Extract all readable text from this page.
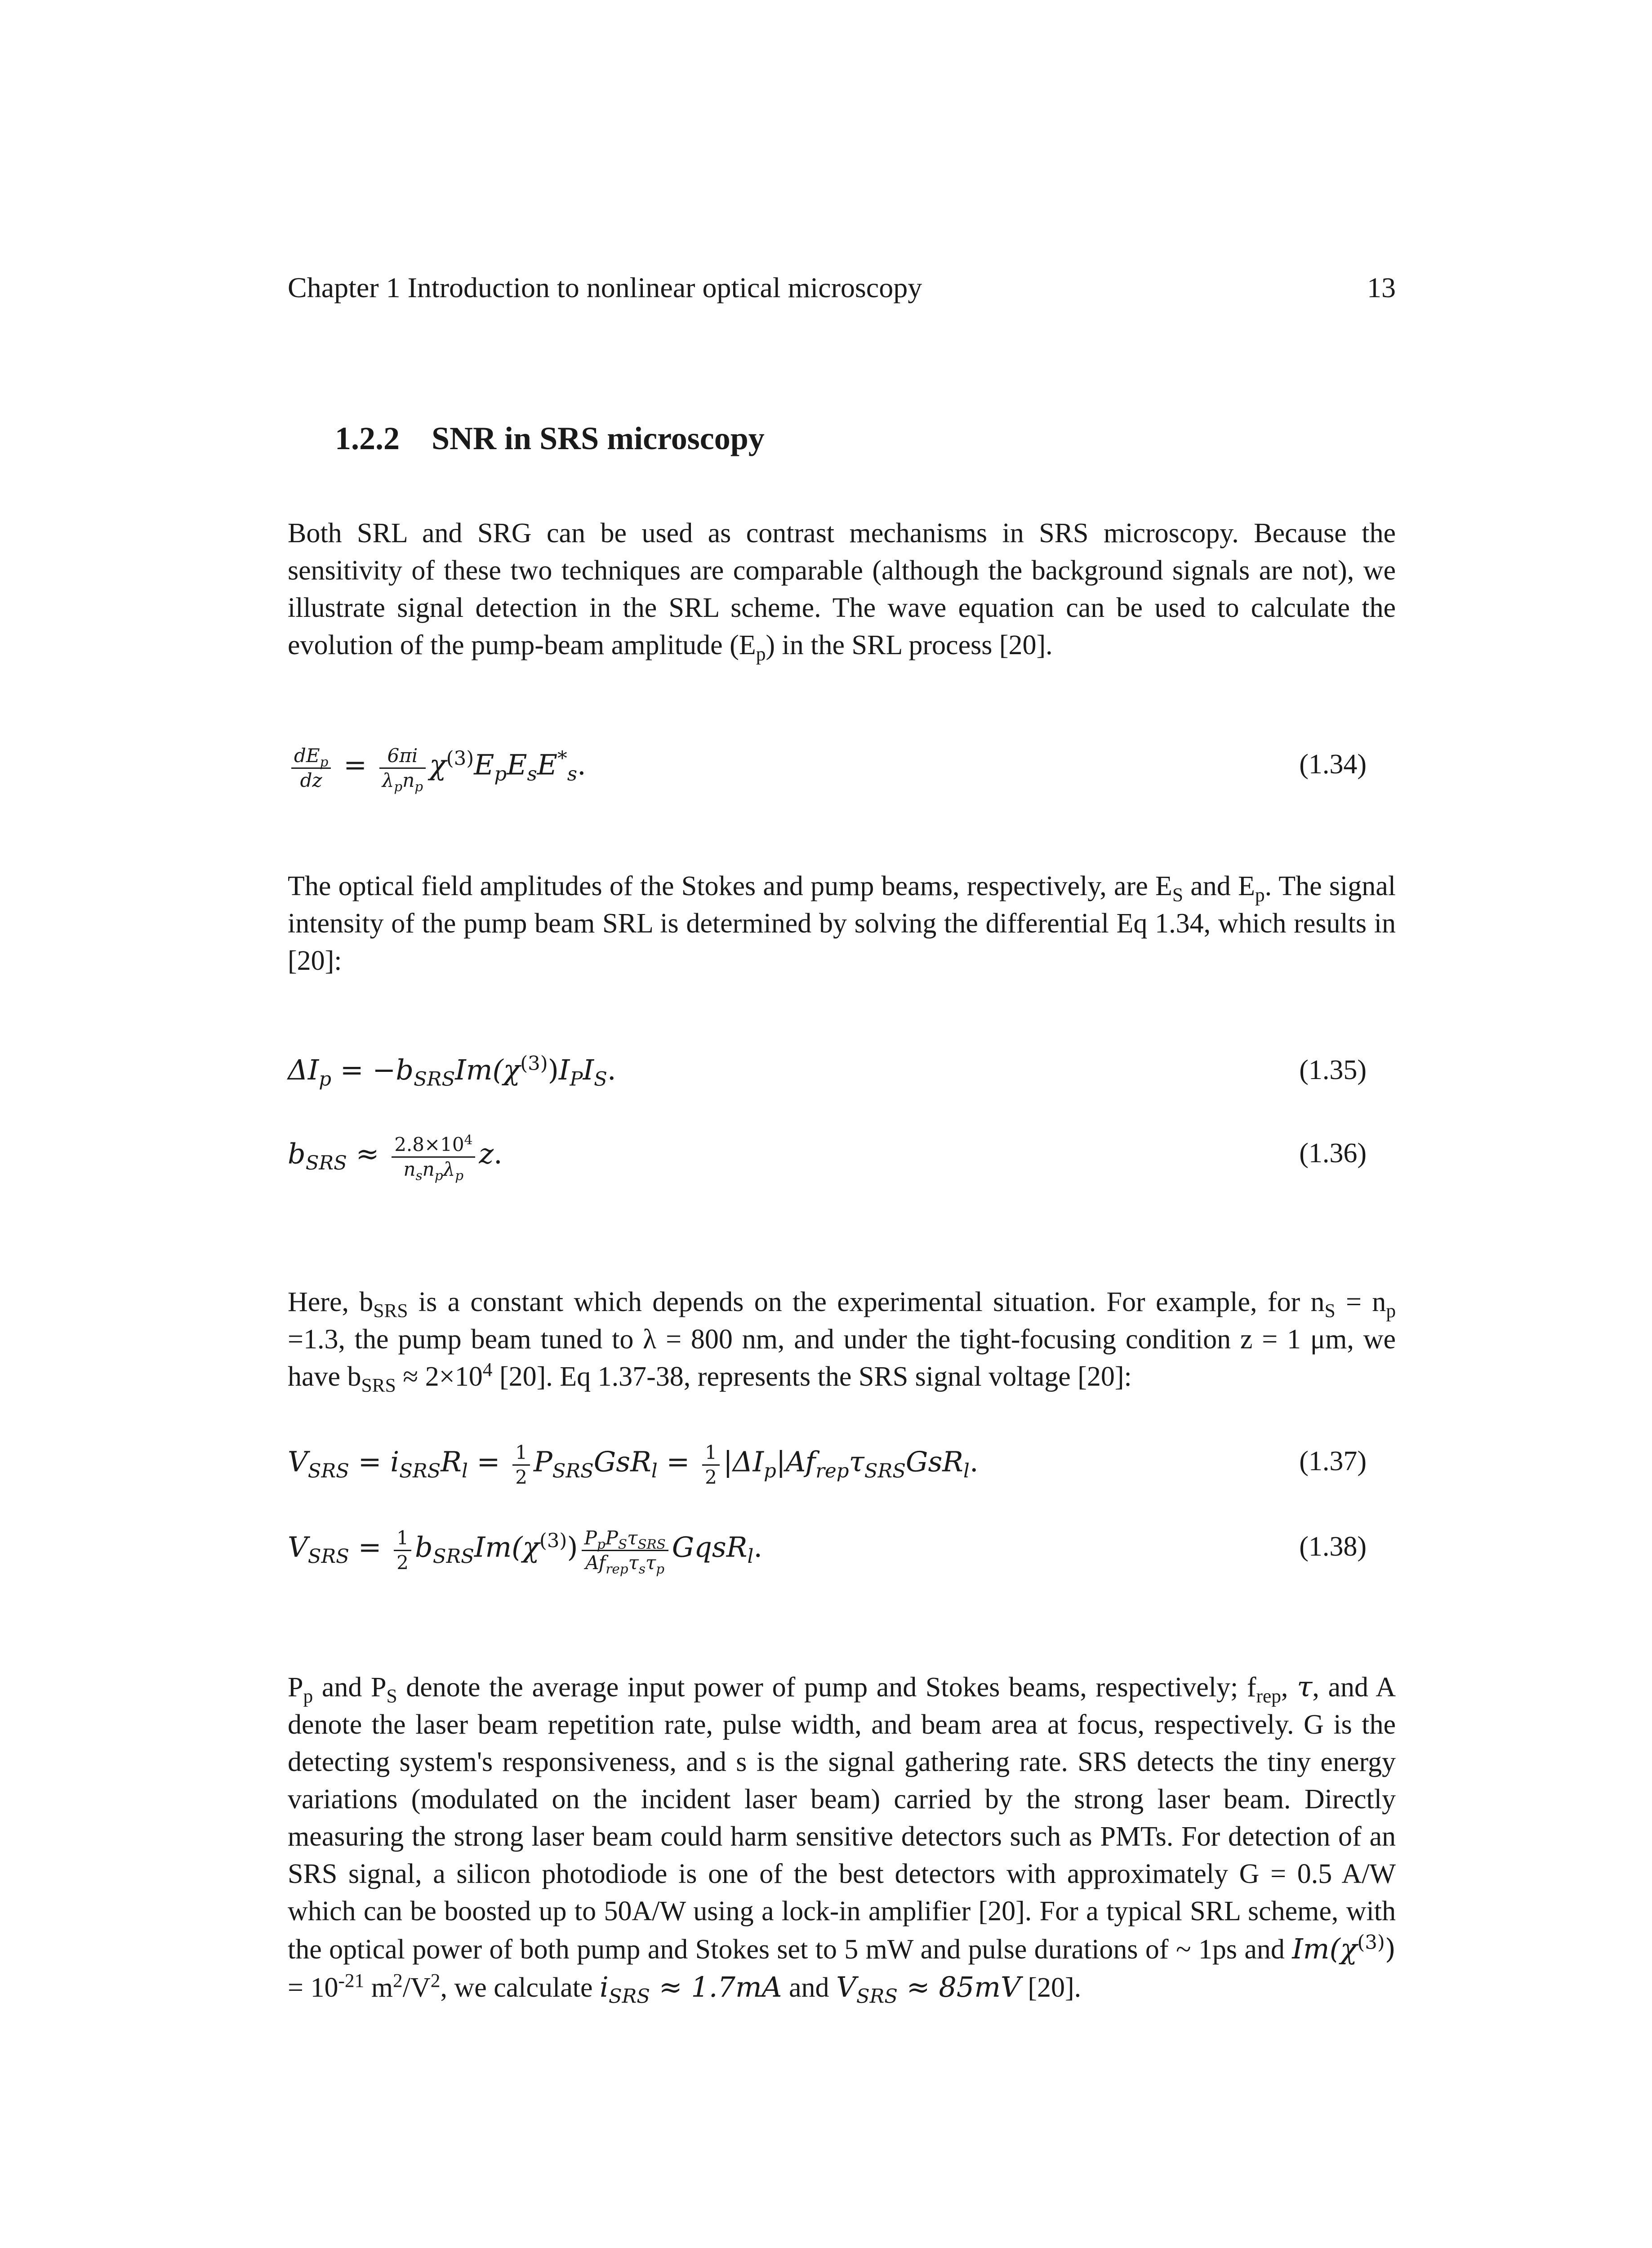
Chapter 1 Introduction to nonlinear optical microscopy	13
1.2.2 SNR in SRS microscopy
Both SRL and SRG can be used as contrast mechanisms in SRS microscopy. Because the sensitivity of these two techniques are comparable (although the background signals are not), we illustrate signal detection in the SRL scheme. The wave equation can be used to calculate the evolution of the pump-beam amplitude $(E_p)$ in the SRL process [20].
$\frac{dE_p}{dz} = \frac{6\pi i}{\lambda_pn_p} \chi^{(3)}E_pE_sE^*_s$.	(1.34)
The optical field amplitudes of the Stokes and pump beams, respectively, are $E_S$ and $E_p$. The signal intensity of the pump beam SRL is determined by solving the differential Eq 1.34, which results in [20]:
$\Delta I_p = -b_{SRS}Im(\chi^{(3)})I_PI_S$.	(1.35)
$b_{SRS} \approx \frac{2.8\times 10^4}{n_sn_p\lambda_p} z$.	(1.36)
Here, $b_{SRS}$ is a constant which depends on the experimental situation. For example, for $n_S = n_p =1.3$, the pump beam tuned to λ = 800 nm, and under the tight-focusing condition z = 1 μm, we have $b_{SRS} \approx 2\times 10^4$ [20]. Eq 1.37-38, represents the SRS signal voltage [20]:
$V_{SRS} = i_{SRS}R_l = \frac{1}{2} P_{SRS}GsR_l = \frac{1}{2} |\Delta I_p|Af_{rep}\tau_{SRS}GsR_l$.	(1.37)
$V_{SRS} = \frac{1}{2} b_{SRS}Im(\chi^{(3)}) \frac{P_pP_S\tau_{SRS}}{Af_{rep}\tau_s\tau_p}$ GqsR$_l$.	(1.38)
$P_p$ and $P_S$ denote the average input power of pump and Stokes beams, respectively; $f_{rep}$, τ, and A denote the laser beam repetition rate, pulse width, and beam area at focus, respectively. G is the detecting system's responsiveness, and s is the signal gathering rate. SRS detects the tiny energy variations (modulated on the incident laser beam) carried by the strong laser beam. Directly measuring the strong laser beam could harm sensitive detectors such as PMTs. For detection of an SRS signal, a silicon photodiode is one of the best detectors with approximately G = 0.5 A/W which can be boosted up to 50A/W using a lock-in amplifier [20]. For a typical SRL scheme, with the optical power of both pump and Stokes set to 5 mW and pulse durations of ~ 1ps and $Im(\chi^{(3)}) = 10^{-21}$ $m^2/V^2$, we calculate $i_{SRS} \approx 1.7mA$ and $V_{SRS} \approx 85mV$ [20].
